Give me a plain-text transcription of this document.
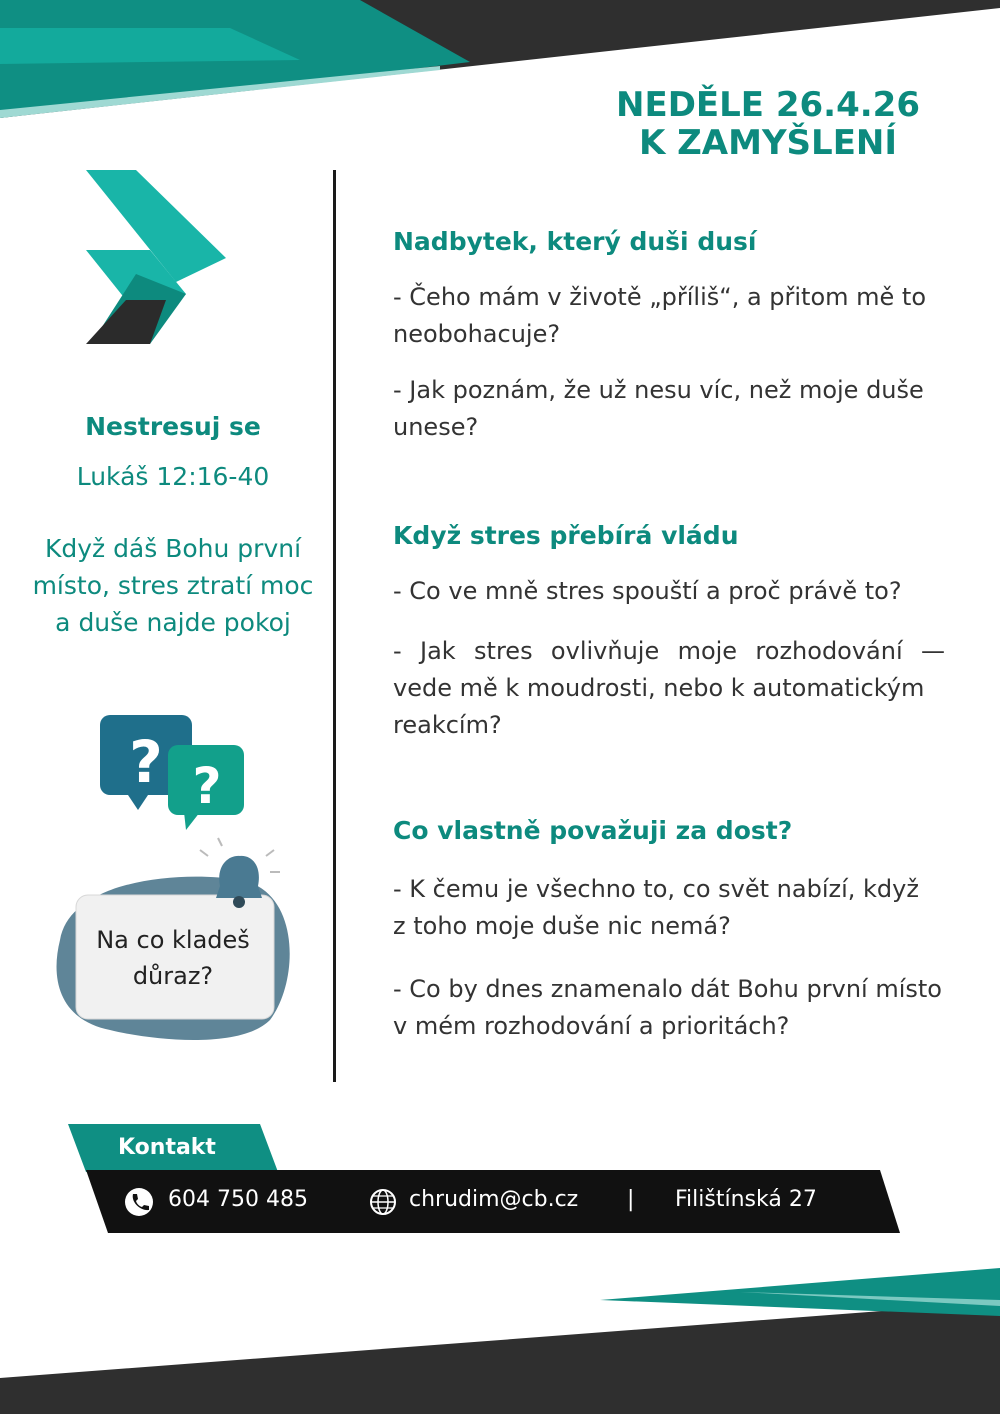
? ?
NEDĚLE 26.4.26
K ZAMYŠLENÍ
Nestresuj se
Lukáš 12:16-40
Když dáš Bohu první
místo, stres ztratí moc
a duše najde pokoj
Na co kladeš
důraz?
Nadbytek, který duši dusí
- Čeho mám v životě „příliš“, a přitom mě to
neobohacuje?
- Jak poznám, že už nesu víc, než moje duše
unese?
Když stres přebírá vládu
- Co ve mně stres spouští a proč právě to?
- Jak stres ovlivňuje moje rozhodování —
vede mě k moudrosti, nebo k automatickým
reakcím?
Co vlastně považuji za dost?
- K čemu je všechno to, co svět nabízí, když
z toho moje duše nic nemá?
- Co by dnes znamenalo dát Bohu první místo
v mém rozhodování a prioritách?
Kontakt
604 750 485	chrudim@cb.cz | Filištínská 27
